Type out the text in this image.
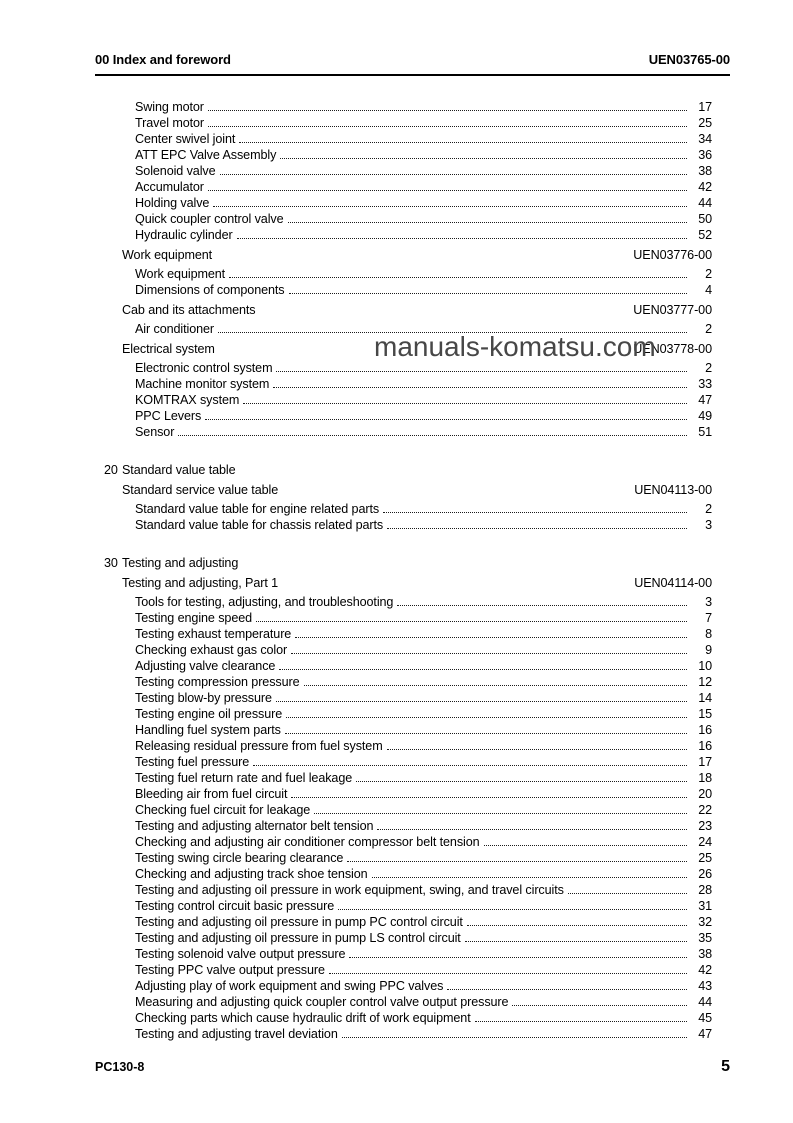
00 Index and foreword	UEN03765-00
Swing motor	17
Travel motor	25
Center swivel joint	34
ATT EPC Valve Assembly	36
Solenoid valve	38
Accumulator	42
Holding valve	44
Quick coupler control valve	50
Hydraulic cylinder	52
Work equipment	UEN03776-00
Work equipment	2
Dimensions of components	4
Cab and its attachments	UEN03777-00
Air conditioner	2
Electrical system	UEN03778-00
Electronic control system	2
Machine monitor system	33
KOMTRAX system	47
PPC Levers	49
Sensor	51
20 Standard value table
Standard service value table	UEN04113-00
Standard value table for engine related parts	2
Standard value table for chassis related parts	3
30 Testing and adjusting
Testing and adjusting, Part 1	UEN04114-00
Tools for testing, adjusting, and troubleshooting	3
Testing engine speed	7
Testing exhaust temperature	8
Checking exhaust gas color	9
Adjusting valve clearance	10
Testing compression pressure	12
Testing blow-by pressure	14
Testing engine oil pressure	15
Handling fuel system parts	16
Releasing residual pressure from fuel system	16
Testing fuel pressure	17
Testing fuel return rate and fuel leakage	18
Bleeding air from fuel circuit	20
Checking fuel circuit for leakage	22
Testing and adjusting alternator belt tension	23
Checking and adjusting air conditioner compressor belt tension	24
Testing swing circle bearing clearance	25
Checking and adjusting track shoe tension	26
Testing and adjusting oil pressure in work equipment, swing, and travel circuits	28
Testing control circuit basic pressure	31
Testing and adjusting oil pressure in pump PC control circuit	32
Testing and adjusting oil pressure in pump LS control circuit	35
Testing solenoid valve output pressure	38
Testing PPC valve output pressure	42
Adjusting play of work equipment and swing PPC valves	43
Measuring and adjusting quick coupler control valve output pressure	44
Checking parts which cause hydraulic drift of work equipment	45
Testing and adjusting travel deviation	47
manuals-komatsu.com
PC130-8	5
